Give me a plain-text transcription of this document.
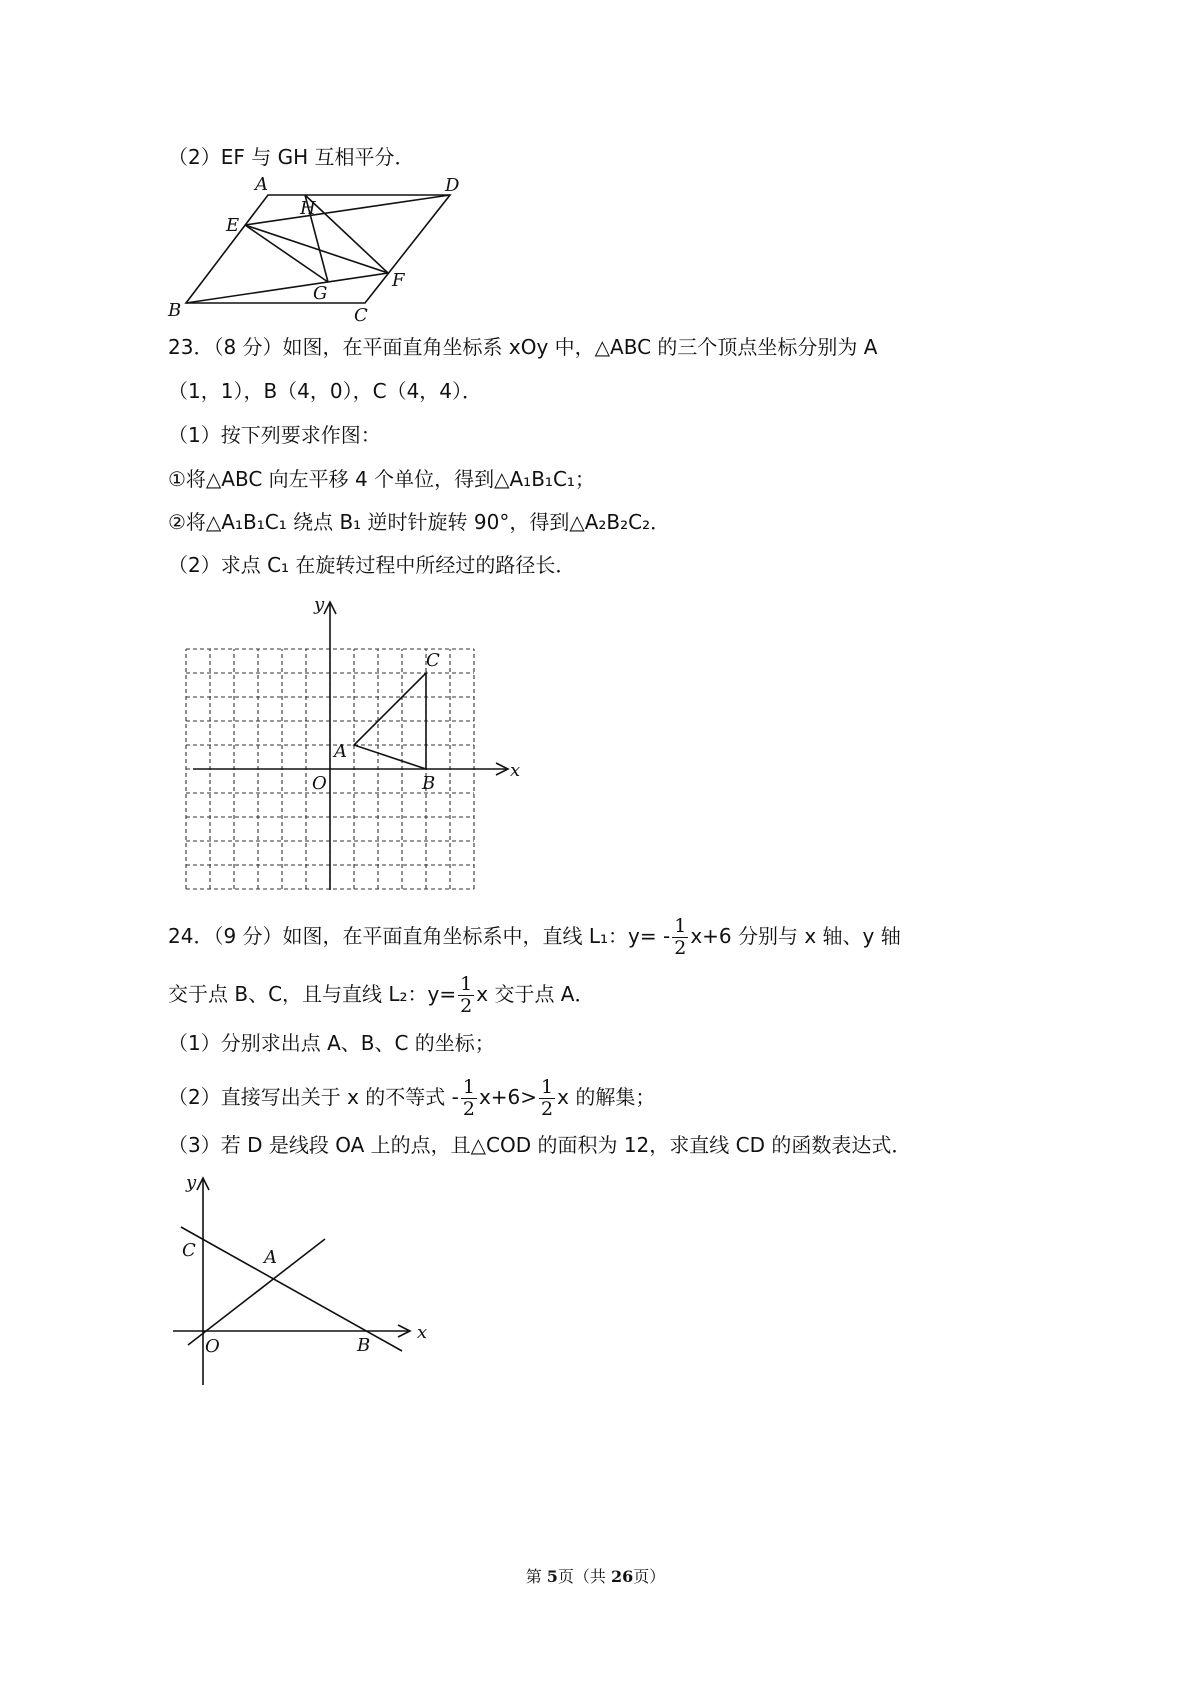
（2）EF 与 GH 互相平分．
A	D
H
E
F
B
G
C
23．（8 分）如图，在平面直角坐标系 xOy 中，△ABC 的三个顶点坐标分别为 A
（1，1），B（4，0），C（4，4）．
（1）按下列要求作图：
①将△ABC 向左平移 4 个单位，得到△A₁B₁C₁；
②将△A₁B₁C₁ 绕点 B₁ 逆时针旋转 90°，得到△A₂B₂C₂．
（2）求点 C₁ 在旋转过程中所经过的路径长．
x
y
O
A
B
C
24．（9 分）如图，在平面直角坐标系中，直线 L₁：$y= - \frac{1}{2} x+6$ 分别与 x 轴、y 轴
交于点 B、C，且与直线 L₂：$y= \frac{1}{2}$ x 交于点 A．
（1）分别求出点 A、B、C 的坐标；
（2）直接写出关于 x 的不等式 - $\frac{1}{2} x+6> \frac{1}{2}$ x 的解集；
（3）若 D 是线段 OA 上的点，且△COD 的面积为 12，求直线 CD 的函数表达式．
x
y
C	A
O	B
第 5页（共 26页）
